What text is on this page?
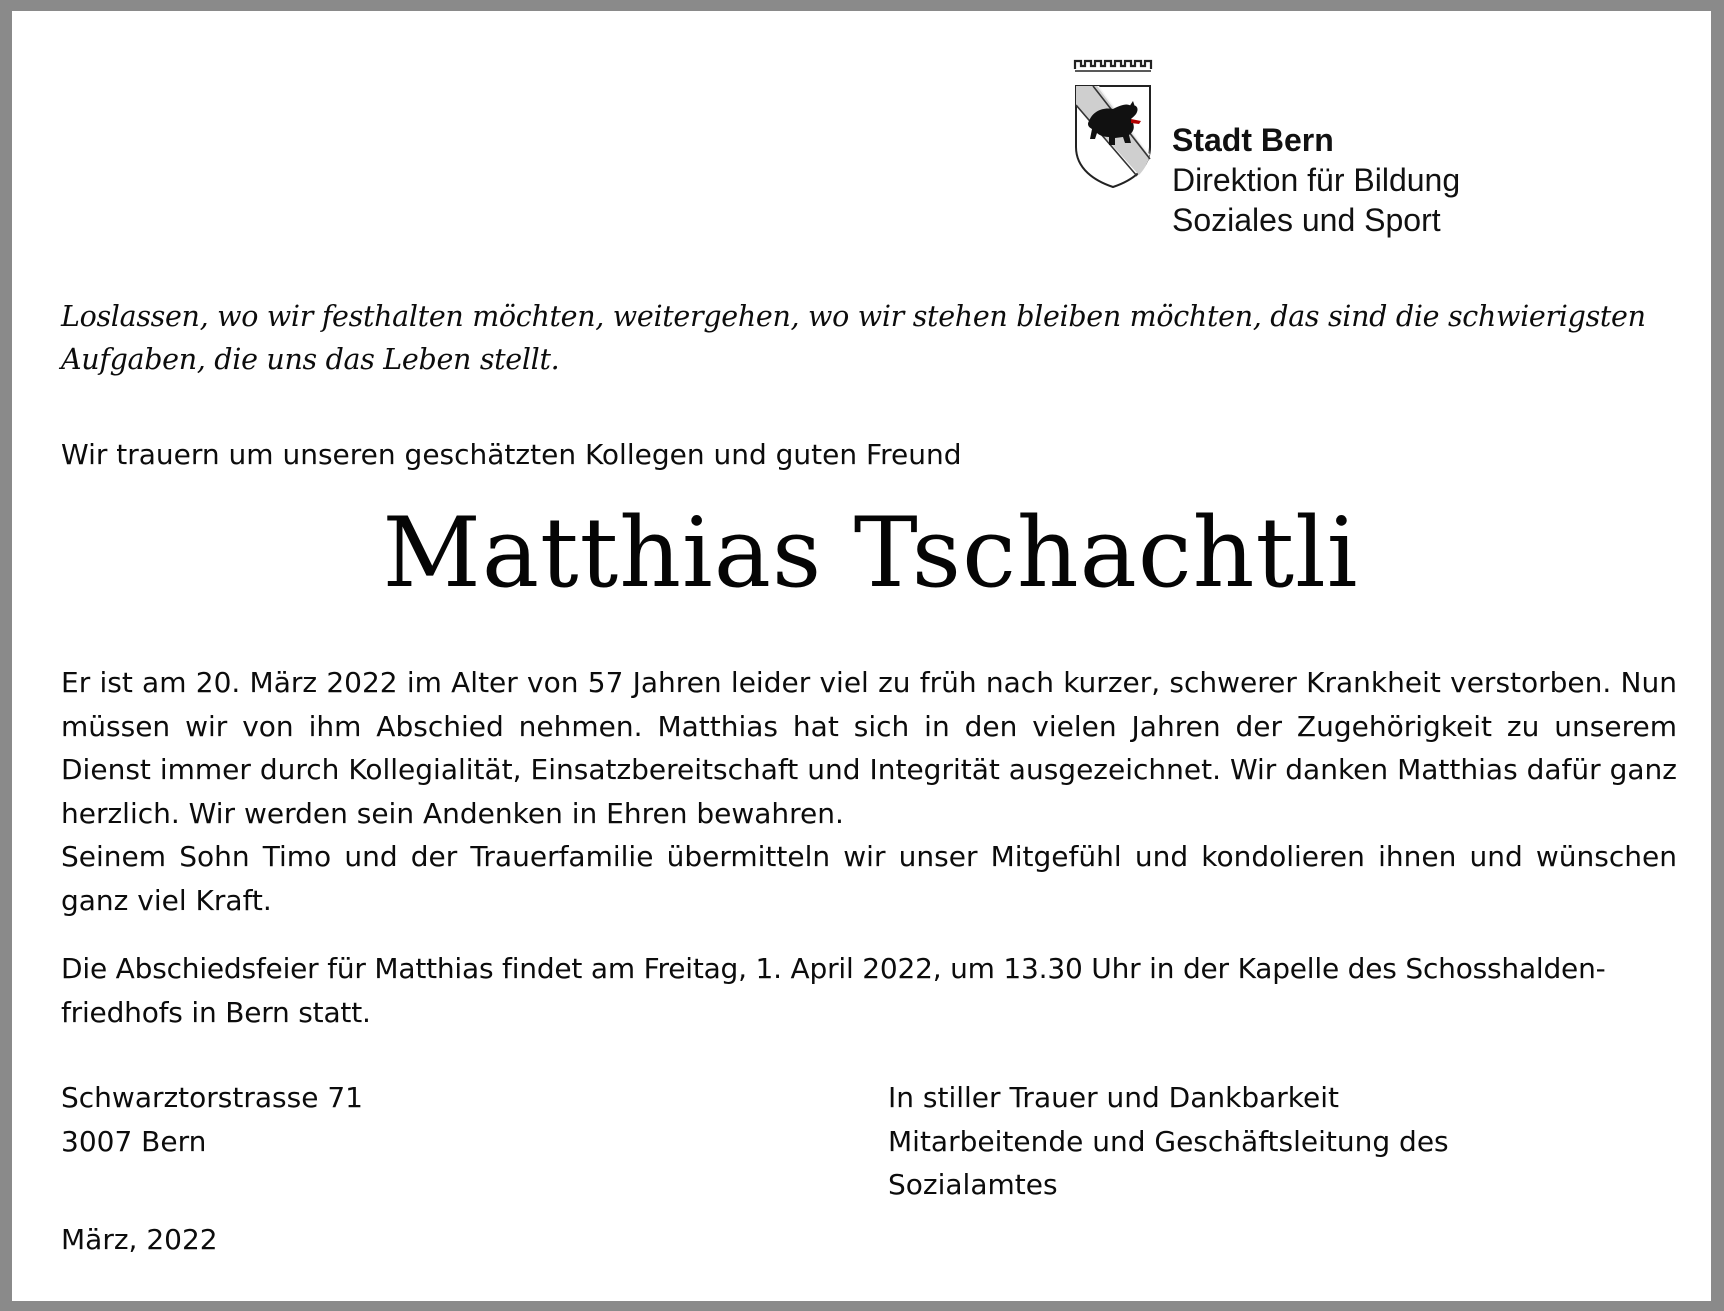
Stadt Bern
Direktion für Bildung
Soziales und Sport
Loslassen, wo wir festhalten möchten, weitergehen, wo wir stehen bleiben möchten, das sind die schwierigsten Aufgaben, die uns das Leben stellt.
Wir trauern um unseren geschätzten Kollegen und guten Freund
Matthias Tschachtli

Er ist am 20. März 2022 im Alter von 57 Jahren leider viel zu früh nach kurzer, schwerer Krankheit verstorben. Nun müssen wir von ihm Abschied nehmen. Matthias hat sich in den vielen Jahren der Zugehörigkeit zu unserem Dienst immer durch Kollegialität, Einsatzbereitschaft und Integrität ausgezeichnet. Wir danken Matthias dafür ganz herzlich. Wir werden sein Andenken in Ehren bewahren.

Seinem Sohn Timo und der Trauerfamilie übermitteln wir unser Mitgefühl und kondolieren ihnen und wünschen ganz viel Kraft.

Die Abschiedsfeier für Matthias findet am Freitag, 1. April 2022, um 13.30 Uhr in der Kapelle des Schosshalden-
friedhofs in Bern statt.
Schwarztorstrasse 71
3007 Bern
In stiller Trauer und Dankbarkeit
Mitarbeitende und Geschäftsleitung des
Sozialamtes
März, 2022
